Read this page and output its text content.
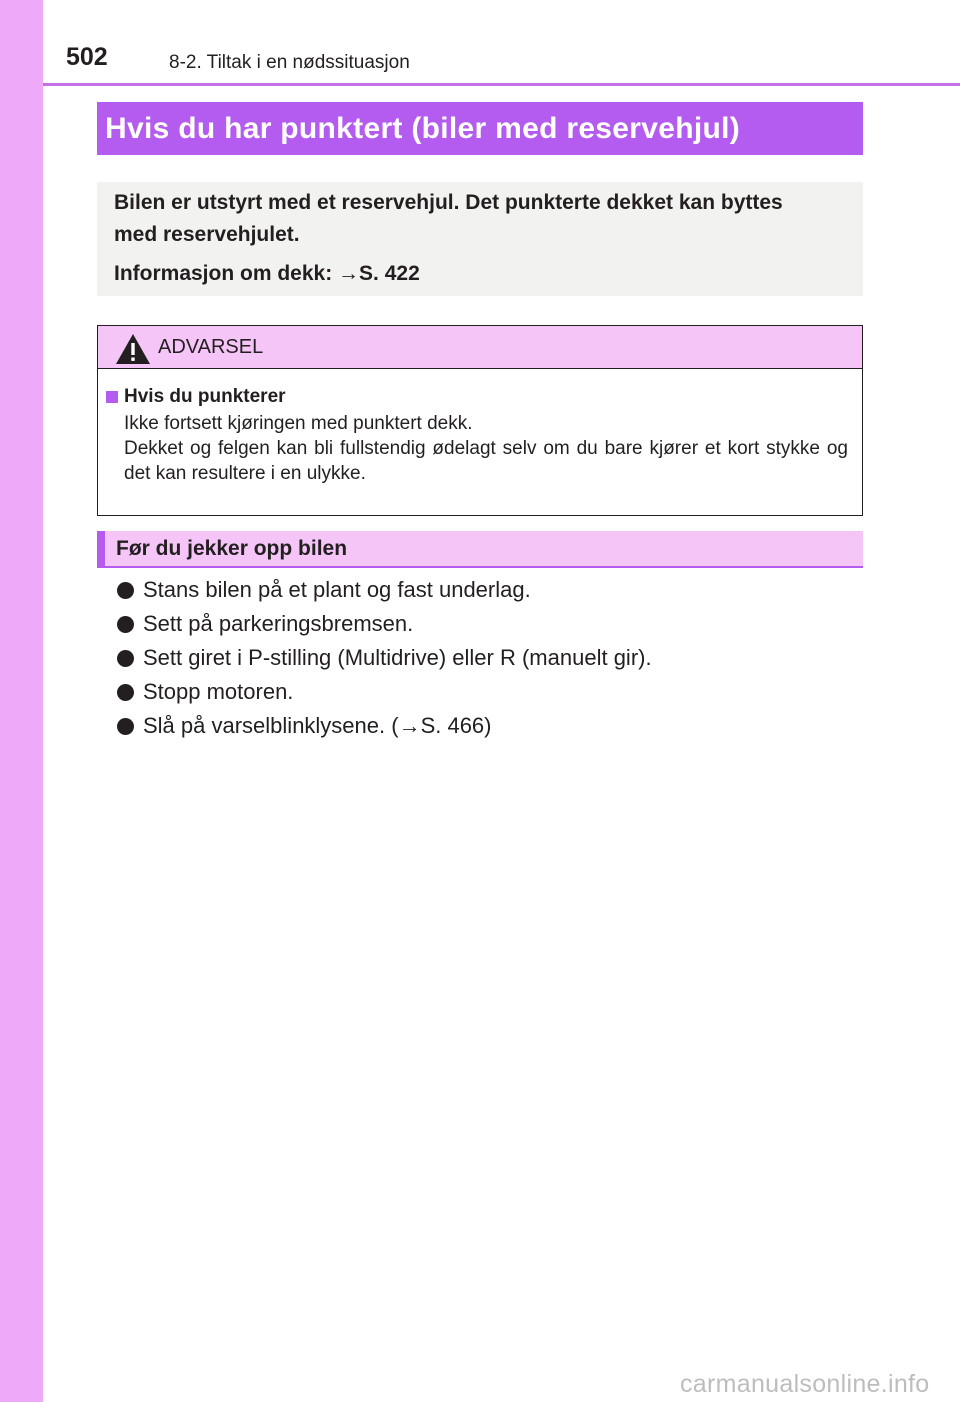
502	8-2. Tiltak i en nødssituasjon
Hvis du har punktert (biler med reservehjul)

Bilen er utstyrt med et reservehjul. Det punkterte dekket kan byttes

med reservehjulet.

Informasjon om dekk: →S. 422

ADVARSEL
Hvis du punkterer
Ikke fortsett kjøringen med punktert dekk.
Dekket og felgen kan bli fullstendig ødelagt selv om du bare kjører et kort stykke og det kan resultere i en ulykke.
Før du jekker opp bilen
Stans bilen på et plant og fast underlag.
Sett på parkeringsbremsen.
Sett giret i P-stilling (Multidrive) eller R (manuelt gir).
Stopp motoren.
Slå på varselblinklysene. (→S. 466)
carmanualsonline.info
